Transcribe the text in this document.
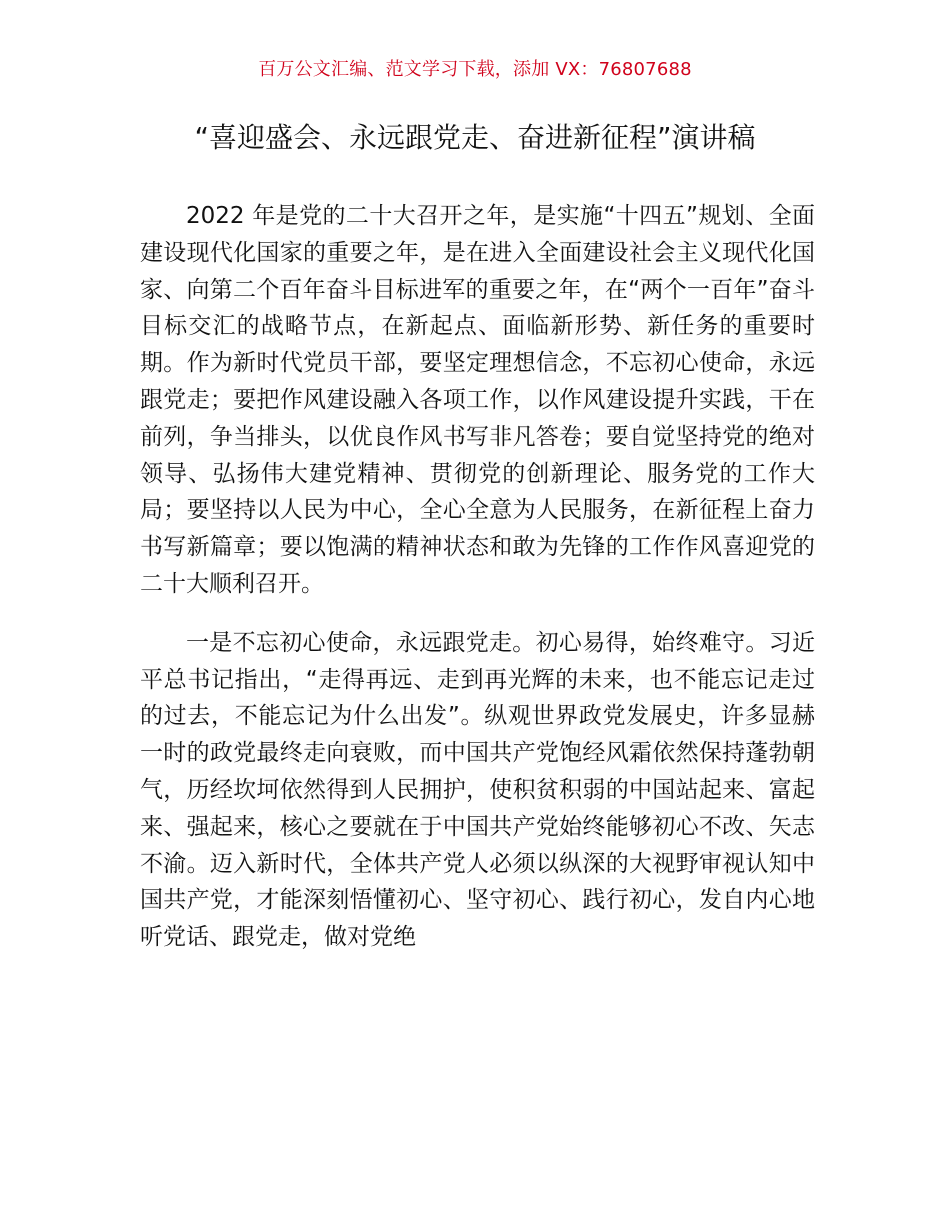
百万公文汇编、范文学习下载，添加 VX：76807688
“喜迎盛会、永远跟党走、奋进新征程”演讲稿

2022 年是党的二十大召开之年，是实施“十四五”规划、全面建设现代化国家的重要之年，是在进入全面建设社会主义现代化国家、向第二个百年奋斗目标进军的重要之年，在“两个一百年”奋斗目标交汇的战略节点，在新起点、面临新形势、新任务的重要时期。作为新时代党员干部，要坚定理想信念，不忘初心使命，永远跟党走；要把作风建设融入各项工作，以作风建设提升实践，干在前列，争当排头，以优良作风书写非凡答卷；要自觉坚持党的绝对领导、弘扬伟大建党精神、贯彻党的创新理论、服务党的工作大局；要坚持以人民为中心，全心全意为人民服务，在新征程上奋力书写新篇章；要以饱满的精神状态和敢为先锋的工作作风喜迎党的二十大顺利召开。

一是不忘初心使命，永远跟党走。初心易得，始终难守。习近平总书记指出，“走得再远、走到再光辉的未来，也不能忘记走过的过去，不能忘记为什么出发”。纵观世界政党发展史，许多显赫一时的政党最终走向衰败，而中国共产党饱经风霜依然保持蓬勃朝气，历经坎坷依然得到人民拥护，使积贫积弱的中国站起来、富起来、强起来，核心之要就在于中国共产党始终能够初心不改、矢志不渝。迈入新时代，全体共产党人必须以纵深的大视野审视认知中国共产党，才能深刻悟懂初心、坚守初心、践行初心，发自内心地听党话、跟党走，做对党绝
